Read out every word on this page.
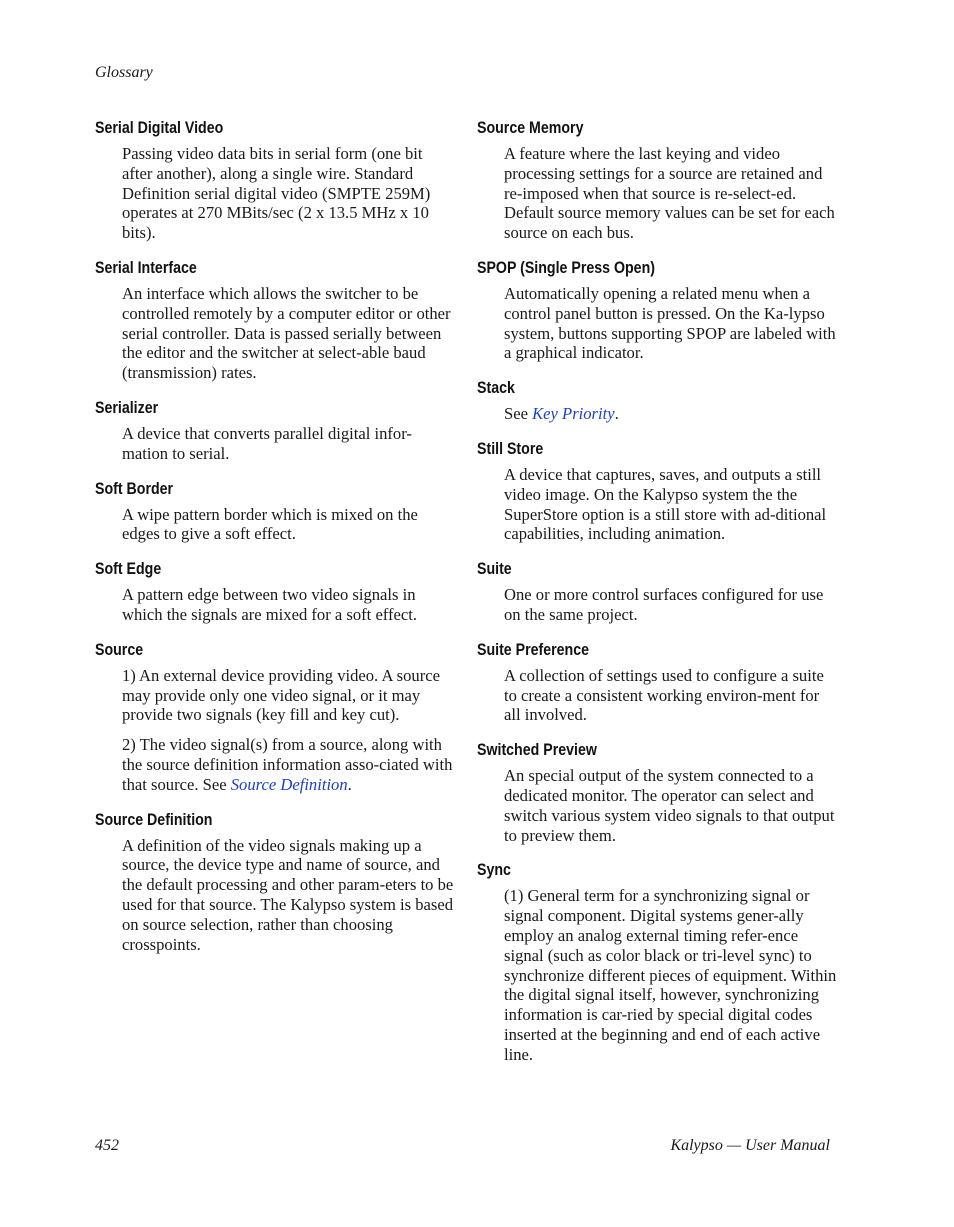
Glossary
Serial Digital Video

Passing video data bits in serial form (one bit after another), along a single wire. Standard Definition serial digital video (SMPTE 259M) operates at 270 MBits/sec (2 x 13.5 MHz x 10 bits).

Serial Interface

An interface which allows the switcher to be controlled remotely by a computer editor or other serial controller. Data is passed serially between the editor and the switcher at select-able baud (transmission) rates.

Serializer

A device that converts parallel digital infor-mation to serial.

Soft Border

A wipe pattern border which is mixed on the edges to give a soft effect.

Soft Edge

A pattern edge between two video signals in which the signals are mixed for a soft effect.

Source

1) An external device providing video. A source may provide only one video signal, or it may provide two signals (key fill and key cut).

2) The video signal(s) from a source, along with the source definition information asso-ciated with that source. See Source Definition.

Source Definition

A definition of the video signals making up a source, the device type and name of source, and the default processing and other param-eters to be used for that source. The Kalypso system is based on source selection, rather than choosing crosspoints.

Source Memory

A feature where the last keying and video processing settings for a source are retained and re-imposed when that source is re-select-ed. Default source memory values can be set for each source on each bus.

SPOP (Single Press Open)

Automatically opening a related menu when a control panel button is pressed. On the Ka-lypso system, buttons supporting SPOP are labeled with a graphical indicator.

Stack

See Key Priority.

Still Store

A device that captures, saves, and outputs a still video image. On the Kalypso system the the SuperStore option is a still store with ad-ditional capabilities, including animation.

Suite

One or more control surfaces configured for use on the same project.

Suite Preference

A collection of settings used to configure a suite to create a consistent working environ-ment for all involved.

Switched Preview

An special output of the system connected to a dedicated monitor. The operator can select and switch various system video signals to that output to preview them.

Sync

(1) General term for a synchronizing signal or signal component. Digital systems gener-ally employ an analog external timing refer-ence signal (such as color black or tri-level sync) to synchronize different pieces of equipment. Within the digital signal itself, however, synchronizing information is car-ried by special digital codes inserted at the beginning and end of each active line.

452	Kalypso — User Manual
